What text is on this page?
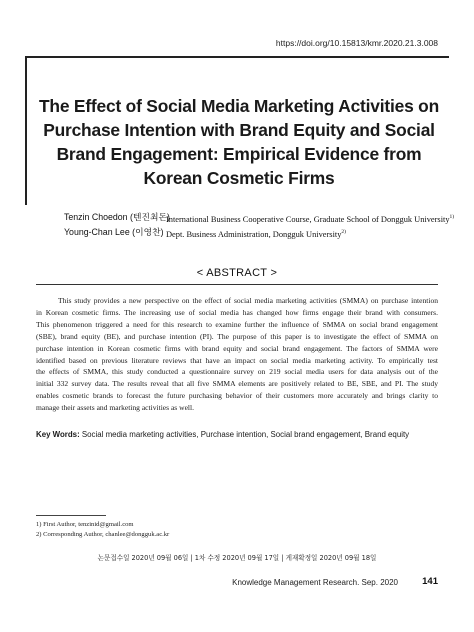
https://doi.org/10.15813/kmr.2020.21.3.008
The Effect of Social Media Marketing Activities on
Purchase Intention with Brand Equity and Social
Brand Engagement: Empirical Evidence from
Korean Cosmetic Firms
Tenzin Choedon (텐진최돈)
International Business Cooperative Course, Graduate School of Dongguk University$^{1)}$
Young-Chan Lee (이영찬) Dept. Business Administration, Dongguk University$^{2)}$
< ABSTRACT >
This study provides a new perspective on the effect of social media marketing activities (SMMA) on purchase intention
in Korean cosmetic firms. The increasing use of social media has changed how firms engage their brand with consumers.
This phenomenon triggered a need for this research to examine further the influence of SMMA on social brand engagement
(SBE), brand equity (BE), and purchase intention (PI). The purpose of this paper is to investigate the effect of SMMA on
purchase intention in Korean cosmetic firms with brand equity and social brand engagement. The factors of SMMA were
identified based on previous literature reviews that have an impact on social media marketing activity. To empirically test
the effects of SMMA, this study conducted a questionnaire survey on 219 social media users for data analysis out of the
initial 332 survey data. The results reveal that all five SMMA elements are positively related to BE, SBE, and PI. The study
enables cosmetic brands to forecast the future purchasing behavior of their customers more accurately and brings clarity to
manage their assets and marketing activities as well.
Key Words: Social media marketing activities, Purchase intention, Social brand engagement, Brand equity
1) First Author, tenzinid@gmail.com
2) Corresponding Author, chanlee@dongguk.ac.kr
논문접수일 2020년 09월 06일 | 1차 수정 2020년 09월 17일 | 게재확정일 2020년 09월 18일
Knowledge Management Research. Sep. 2020	141
